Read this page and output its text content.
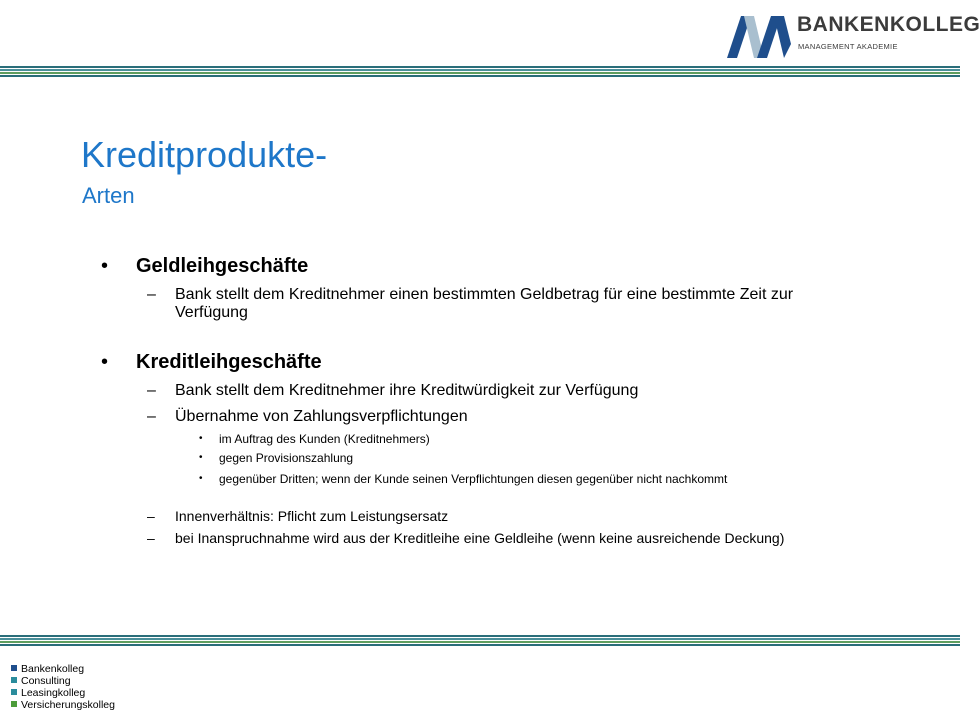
BANKENKOLLEG
MANAGEMENT AKADEMIE
Kreditprodukte-
Arten
• Geldleihgeschäfte
– Bank stellt dem Kreditnehmer einen bestimmten Geldbetrag für eine bestimmte Zeit zur Verfügung
• Kreditleihgeschäfte
– Bank stellt dem Kreditnehmer ihre Kreditwürdigkeit zur Verfügung
– Übernahme von Zahlungsverpflichtungen
• im Auftrag des Kunden (Kreditnehmers)
• gegen Provisionszahlung
• gegenüber Dritten; wenn der Kunde seinen Verpflichtungen diesen gegenüber nicht nachkommt
– Innenverhältnis: Pflicht zum Leistungsersatz
– bei Inanspruchnahme wird aus der Kreditleihe eine Geldleihe (wenn keine ausreichende Deckung)
Bankenkolleg
Consulting
Leasingkolleg
Versicherungskolleg
